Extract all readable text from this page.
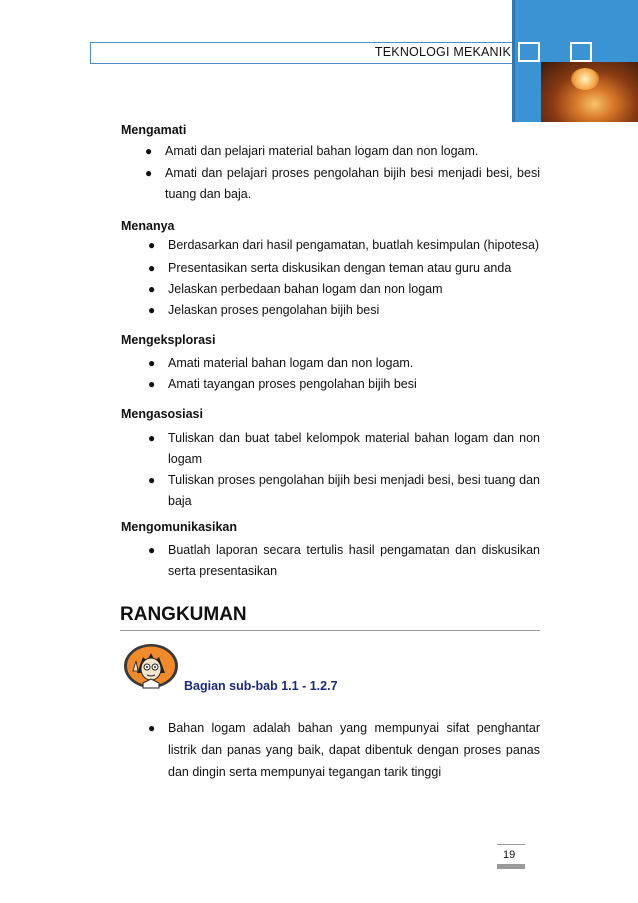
TEKNOLOGI MEKANIK
Mengamati
● Amati dan pelajari material bahan logam dan non logam.
● Amati dan pelajari proses pengolahan bijih besi menjadi besi, besi tuang dan baja.
Menanya
● Berdasarkan dari hasil pengamatan, buatlah kesimpulan (hipotesa)
● Presentasikan serta diskusikan dengan teman atau guru anda
● Jelaskan perbedaan bahan logam dan non logam
● Jelaskan proses pengolahan bijih besi
Mengeksplorasi
● Amati material bahan logam dan non logam.
● Amati tayangan proses pengolahan bijih besi
Mengasosiasi
● Tuliskan dan buat tabel kelompok material bahan logam dan non logam
● Tuliskan proses pengolahan bijih besi menjadi besi, besi tuang dan baja
Mengomunikasikan
● Buatlah laporan secara tertulis hasil pengamatan dan diskusikan serta presentasikan
RANGKUMAN
Bagian sub-bab 1.1 - 1.2.7
● Bahan logam adalah bahan yang mempunyai sifat penghantar listrik dan panas yang baik, dapat dibentuk dengan proses panas dan dingin serta mempunyai tegangan tarik tinggi
19
